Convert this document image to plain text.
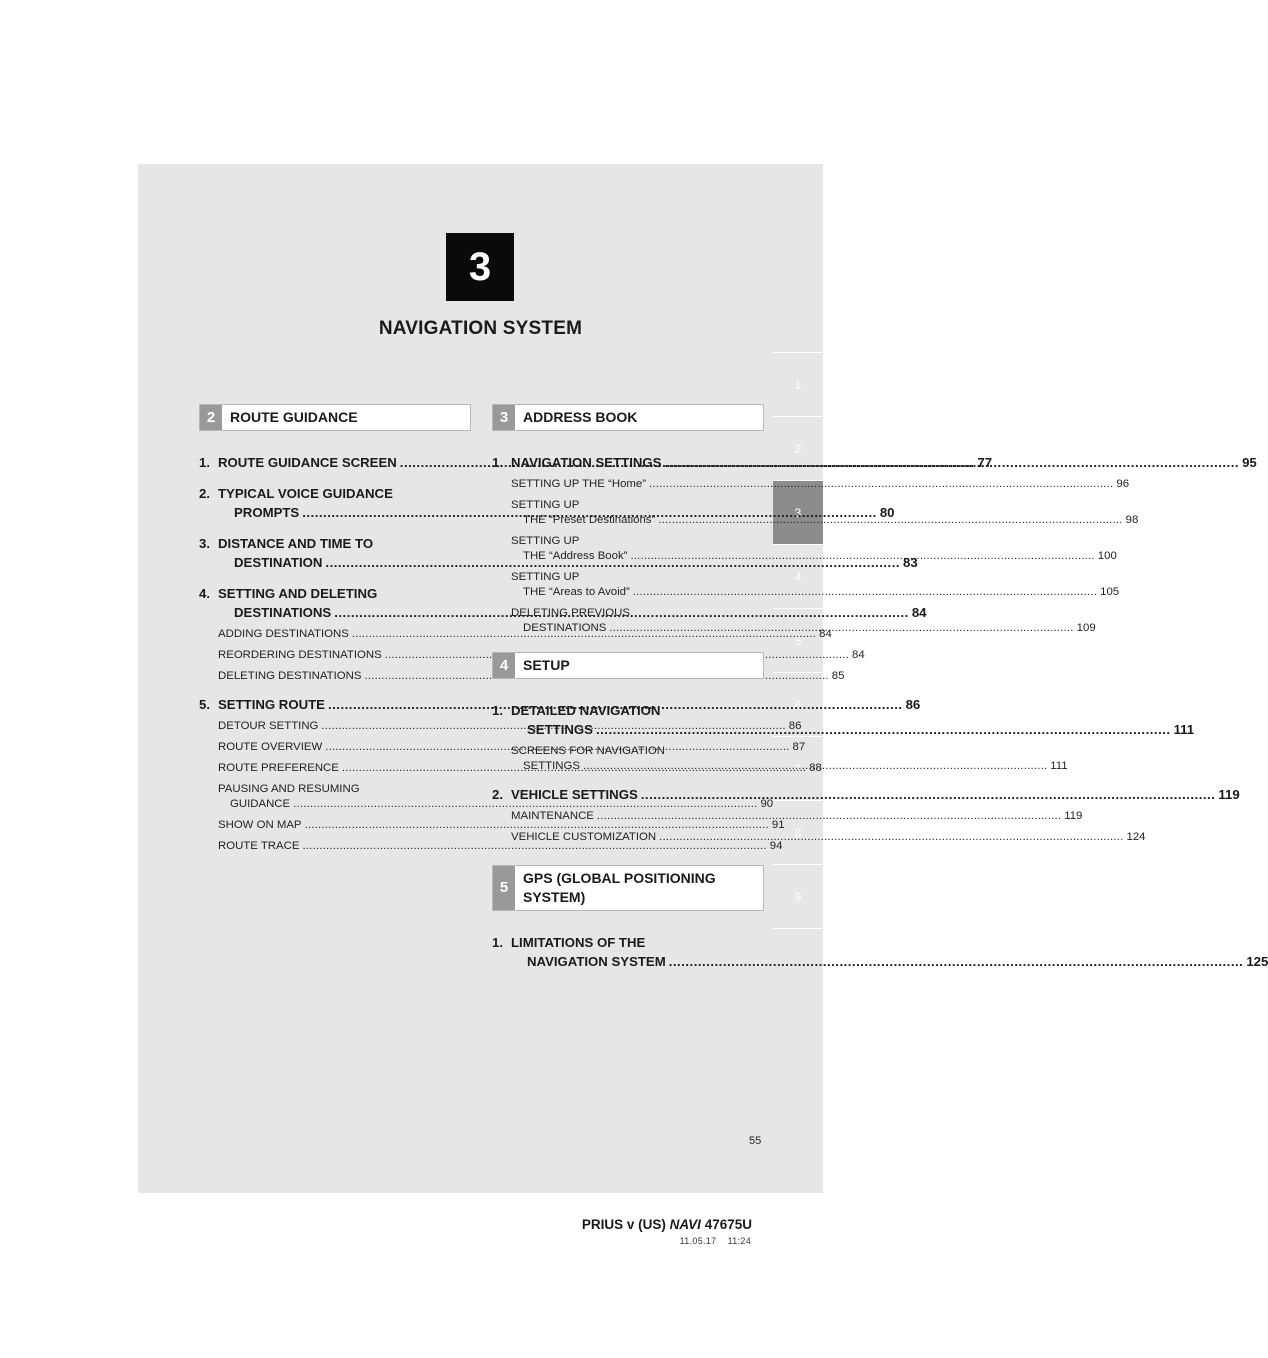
3
NAVIGATION SYSTEM
1
2
3
4
5
6
7
8
9
2	ROUTE GUIDANCE
1. ROUTE GUIDANCE SCREEN .....	77
2. TYPICAL VOICE GUIDANCE
PROMPTS .....	80
3. DISTANCE AND TIME TO
DESTINATION .....	83
4. SETTING AND DELETING
DESTINATIONS .....	84
ADDING DESTINATIONS .....	84
REORDERING DESTINATIONS .....	84
DELETING DESTINATIONS .....	85
5. SETTING ROUTE .....	86
DETOUR SETTING .....	86
ROUTE OVERVIEW .....	87
ROUTE PREFERENCE .....	88
PAUSING AND RESUMING
GUIDANCE .....	90
SHOW ON MAP .....	91
ROUTE TRACE .....	94
3	ADDRESS BOOK
1. NAVIGATION SETTINGS .....	95
SETTING UP THE “Home” .....	96
SETTING UP
THE “Preset Destinations” .....	98
SETTING UP
THE “Address Book” .....	100
SETTING UP
THE “Areas to Avoid” .....	105
DELETING PREVIOUS
DESTINATIONS .....	109
4	SETUP
1. DETAILED NAVIGATION
SETTINGS .....	111
SCREENS FOR NAVIGATION
SETTINGS .....	111
2. VEHICLE SETTINGS .....	119
MAINTENANCE .....	119
VEHICLE CUSTOMIZATION .....	124
5
GPS (GLOBAL POSITIONING SYSTEM)
1. LIMITATIONS OF THE
NAVIGATION SYSTEM .....	125
55
PRIUS v (US) NAVI 47675U
11.05.17 11:24
